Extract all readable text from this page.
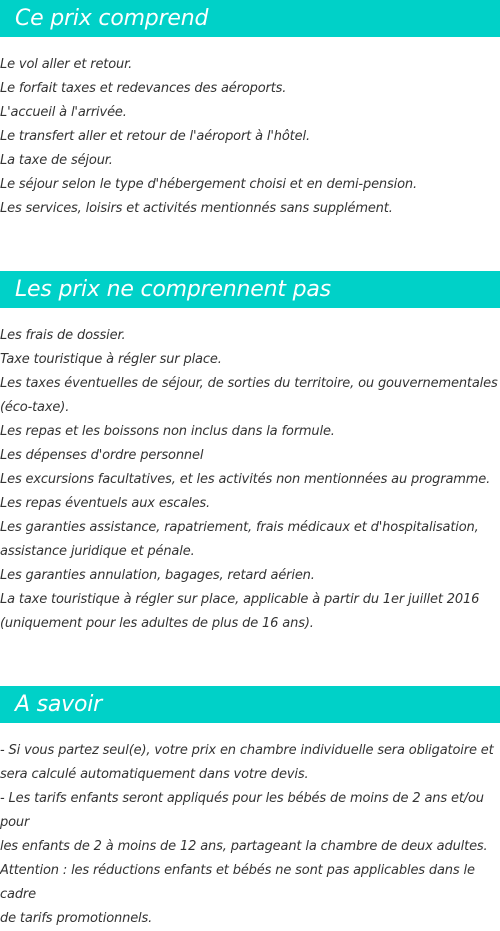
Ce prix comprend
Le vol aller et retour.
Le forfait taxes et redevances des aéroports.
L'accueil à l'arrivée.
Le transfert aller et retour de l'aéroport à l'hôtel.
La taxe de séjour.
Le séjour selon le type d'hébergement choisi et en demi-pension.
Les services, loisirs et activités mentionnés sans supplément.
Les prix ne comprennent pas
Les frais de dossier.
Taxe touristique à régler sur place.
Les taxes éventuelles de séjour, de sorties du territoire, ou gouvernementales
(éco-taxe).
Les repas et les boissons non inclus dans la formule.
Les dépenses d'ordre personnel
Les excursions facultatives, et les activités non mentionnées au programme.
Les repas éventuels aux escales.
Les garanties assistance, rapatriement, frais médicaux et d'hospitalisation,
assistance juridique et pénale.
Les garanties annulation, bagages, retard aérien.
La taxe touristique à régler sur place, applicable à partir du 1er juillet 2016
(uniquement pour les adultes de plus de 16 ans).
A savoir
- Si vous partez seul(e), votre prix en chambre individuelle sera obligatoire et
sera calculé automatiquement dans votre devis.
- Les tarifs enfants seront appliqués pour les bébés de moins de 2 ans et/ou pour
les enfants de 2 à moins de 12 ans, partageant la chambre de deux adultes.
Attention : les réductions enfants et bébés ne sont pas applicables dans le cadre
de tarifs promotionnels.
